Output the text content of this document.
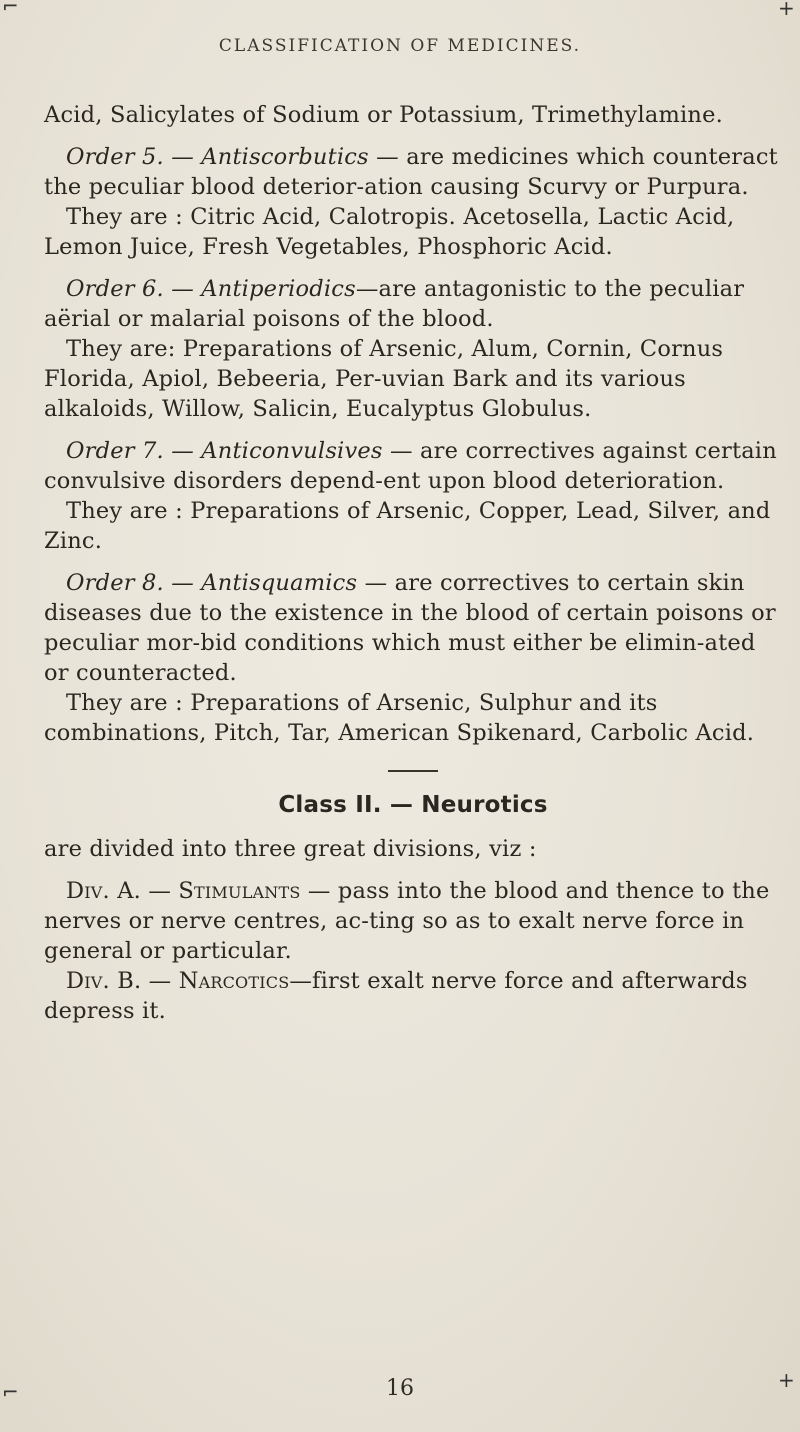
⌐	+
⌐	+
CLASSIFICATION OF MEDICINES.

Acid, Salicylates of Sodium or Potassium, Trimethylamine.

Order 5. — Antiscorbutics — are medicines which counteract the peculiar blood deterior-ation causing Scurvy or Purpura.

They are : Citric Acid, Calotropis. Acetosella, Lactic Acid, Lemon Juice, Fresh Vegetables, Phosphoric Acid.

Order 6. — Antiperiodics—are antagonistic to the peculiar aërial or malarial poisons of the blood.

They are: Preparations of Arsenic, Alum, Cornin, Cornus Florida, Apiol, Bebeeria, Per-uvian Bark and its various alkaloids, Willow, Salicin, Eucalyptus Globulus.

Order 7. — Anticonvulsives — are correctives against certain convulsive disorders depend-ent upon blood deterioration.

They are : Preparations of Arsenic, Copper, Lead, Silver, and Zinc.

Order 8. — Antisquamics — are correctives to certain skin diseases due to the existence in the blood of certain poisons or peculiar mor-bid conditions which must either be elimin-ated or counteracted.

They are : Preparations of Arsenic, Sulphur and its combinations, Pitch, Tar, American Spikenard, Carbolic Acid.

Class II. — Neurotics

are divided into three great divisions, viz :

Div. A. — Stimulants — pass into the blood and thence to the nerves or nerve centres, ac-ting so as to exalt nerve force in general or particular.

Div. B. — Narcotics—first exalt nerve force and afterwards depress it.

16
